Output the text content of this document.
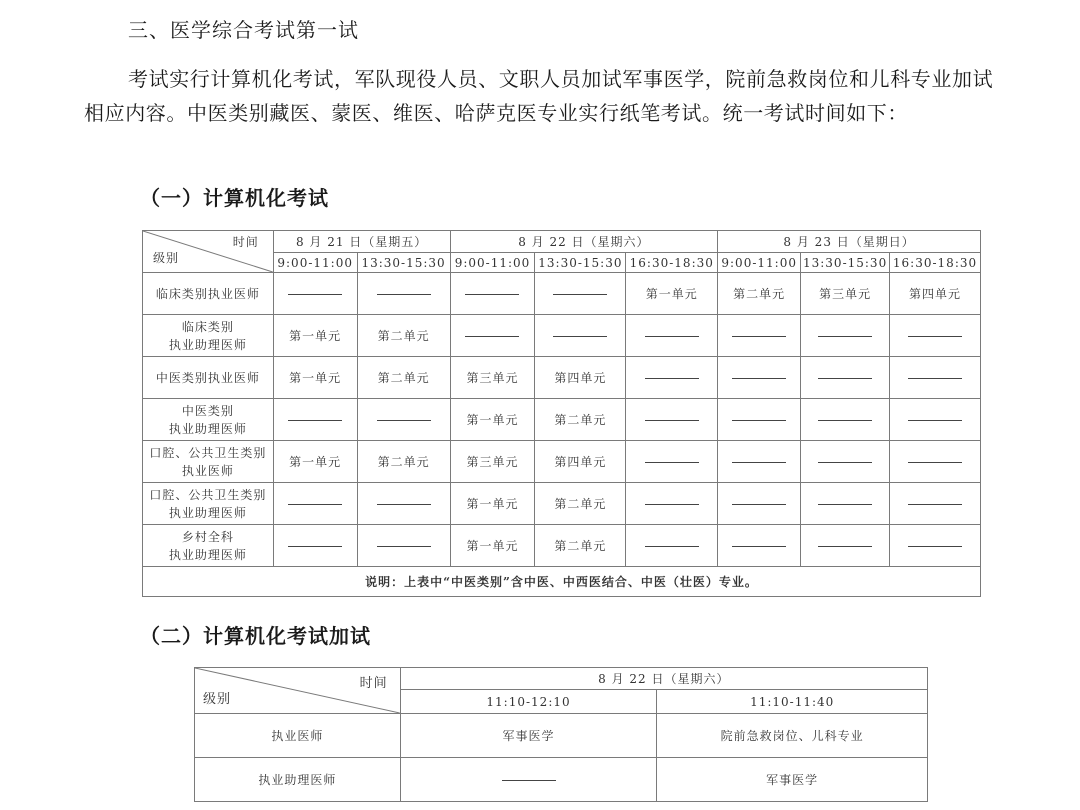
三、医学综合考试第一试
考试实行计算机化考试，军队现役人员、文职人员加试军事医学，院前急救岗位和儿科专业加试相应内容。中医类别藏医、蒙医、维医、哈萨克医专业实行纸笔考试。统一考试时间如下：
（一）计算机化考试
时间
级别	8 月 21 日（星期五）		8 月 22 日（星期六）			8 月 23 日（星期日）		
	9:00-11:00	13:30-15:30	9:00-11:00	13:30-15:30	16:30-18:30	9:00-11:00	13:30-15:30	16:30-18:30
临床类别执业医师					第一单元	第二单元	第三单元	第四单元
临床类别
执业助理医师	第一单元	第二单元						
中医类别执业医师	第一单元	第二单元	第三单元	第四单元				
中医类别
执业助理医师			第一单元	第二单元				
口腔、公共卫生类别
执业医师	第一单元	第二单元	第三单元	第四单元				
口腔、公共卫生类别
执业助理医师			第一单元	第二单元				
乡村全科
执业助理医师			第一单元	第二单元				
说明：上表中“中医类别”含中医、中西医结合、中医（壮医）专业。								
（二）计算机化考试加试
时间
级别	8 月 22 日（星期六）	
	11:10-12:10	11:10-11:40
执业医师	军事医学	院前急救岗位、儿科专业
执业助理医师		军事医学
